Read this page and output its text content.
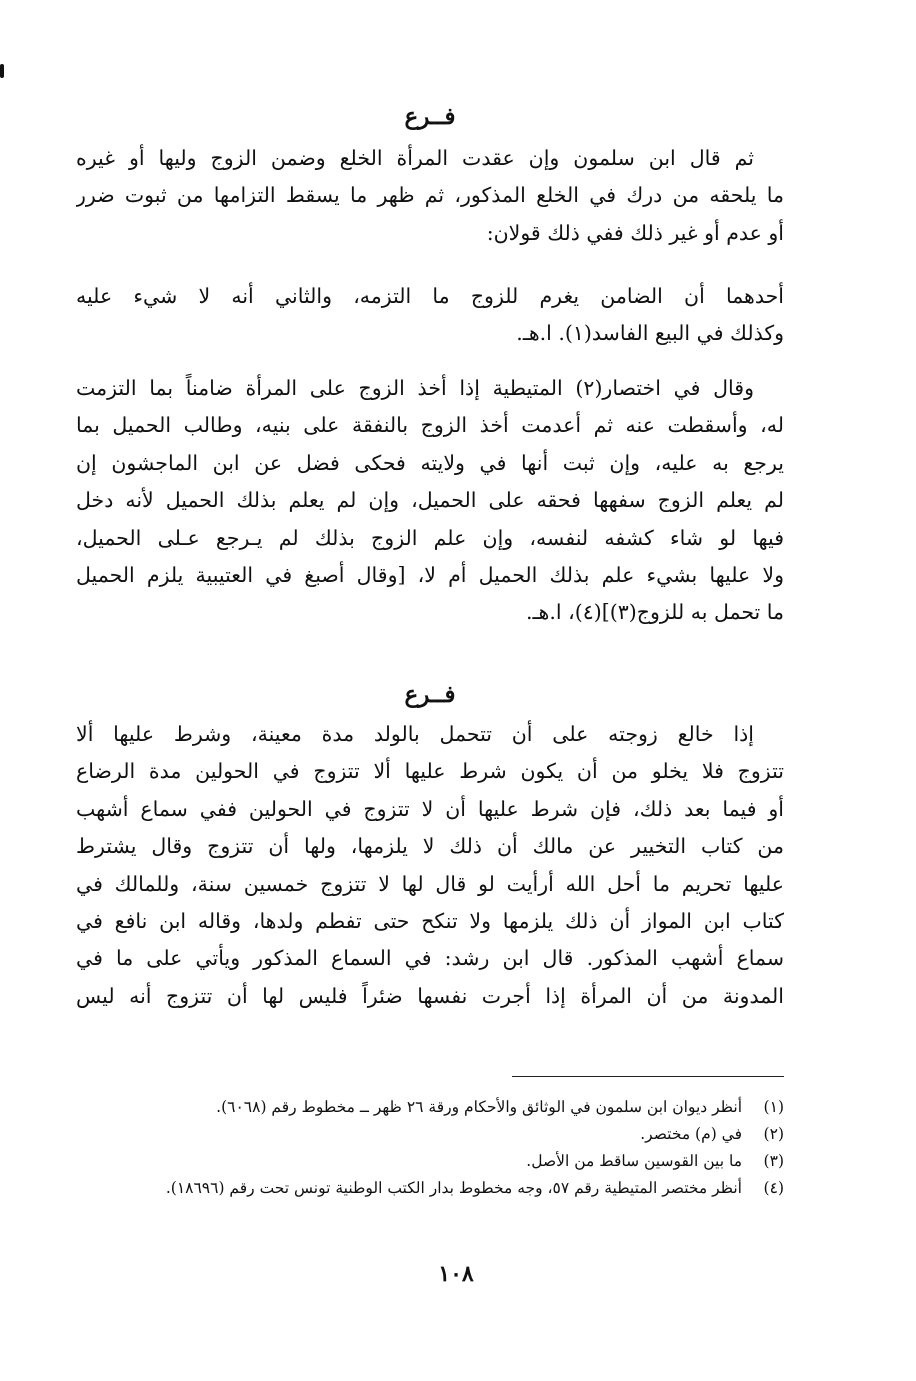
فــرع
ثم قال ابن سلمون وإن عقدت المرأة الخلع وضمن الزوج وليها أو غيره
ما يلحقه من درك في الخلع المذكور، ثم ظهر ما يسقط التزامها من ثبوت ضرر
أو عدم أو غير ذلك ففي ذلك قولان:
أحدهما أن الضامن يغرم للزوج ما التزمه، والثاني أنه لا شيء عليه
وكذلك في البيع الفاسد(١). ا.هـ.
وقال في اختصار(٢) المتيطية إذا أخذ الزوج على المرأة ضامناً بما التزمت
له، وأسقطت عنه ثم أعدمت أخذ الزوج بالنفقة على بنيه، وطالب الحميل بما
يرجع به عليه، وإن ثبت أنها في ولايته فحكى فضل عن ابن الماجشون إن
لم يعلم الزوج سفهها فحقه على الحميل، وإن لم يعلم بذلك الحميل لأنه دخل
فيها لو شاء كشفه لنفسه، وإن علم الزوج بذلك لم يـرجع عـلى الحميل،
ولا عليها بشيء علم بذلك الحميل أم لا، [وقال أصبغ في العتيبية يلزم الحميل
ما تحمل به للزوج(٣)](٤)، ا.هـ.
فــرع
إذا خالع زوجته على أن تتحمل بالولد مدة معينة، وشرط عليها ألا
تتزوج فلا يخلو من أن يكون شرط عليها ألا تتزوج في الحولين مدة الرضاع
أو فيما بعد ذلك، فإن شرط عليها أن لا تتزوج في الحولين ففي سماع أشهب
من كتاب التخيير عن مالك أن ذلك لا يلزمها، ولها أن تتزوج وقال يشترط
عليها تحريم ما أحل الله أرأيت لو قال لها لا تتزوج خمسين سنة، وللمالك في
كتاب ابن المواز أن ذلك يلزمها ولا تنكح حتى تفطم ولدها، وقاله ابن نافع في
سماع أشهب المذكور. قال ابن رشد: في السماع المذكور ويأتي على ما في
المدونة من أن المرأة إذا أجرت نفسها ضئراً فليس لها أن تتزوج أنه ليس
(١)
أنظر ديوان ابن سلمون في الوثائق والأحكام ورقة ٢٦ ظهر ــ مخطوط رقم (٦٠٦٨).
(٢)
في (م) مختصر.
(٣)
ما بين القوسين ساقط من الأصل.
(٤)
أنظر مختصر المتيطية رقم ٥٧، وجه مخطوط بدار الكتب الوطنية تونس تحت رقم (١٨٦٩٦).
١٠٨
